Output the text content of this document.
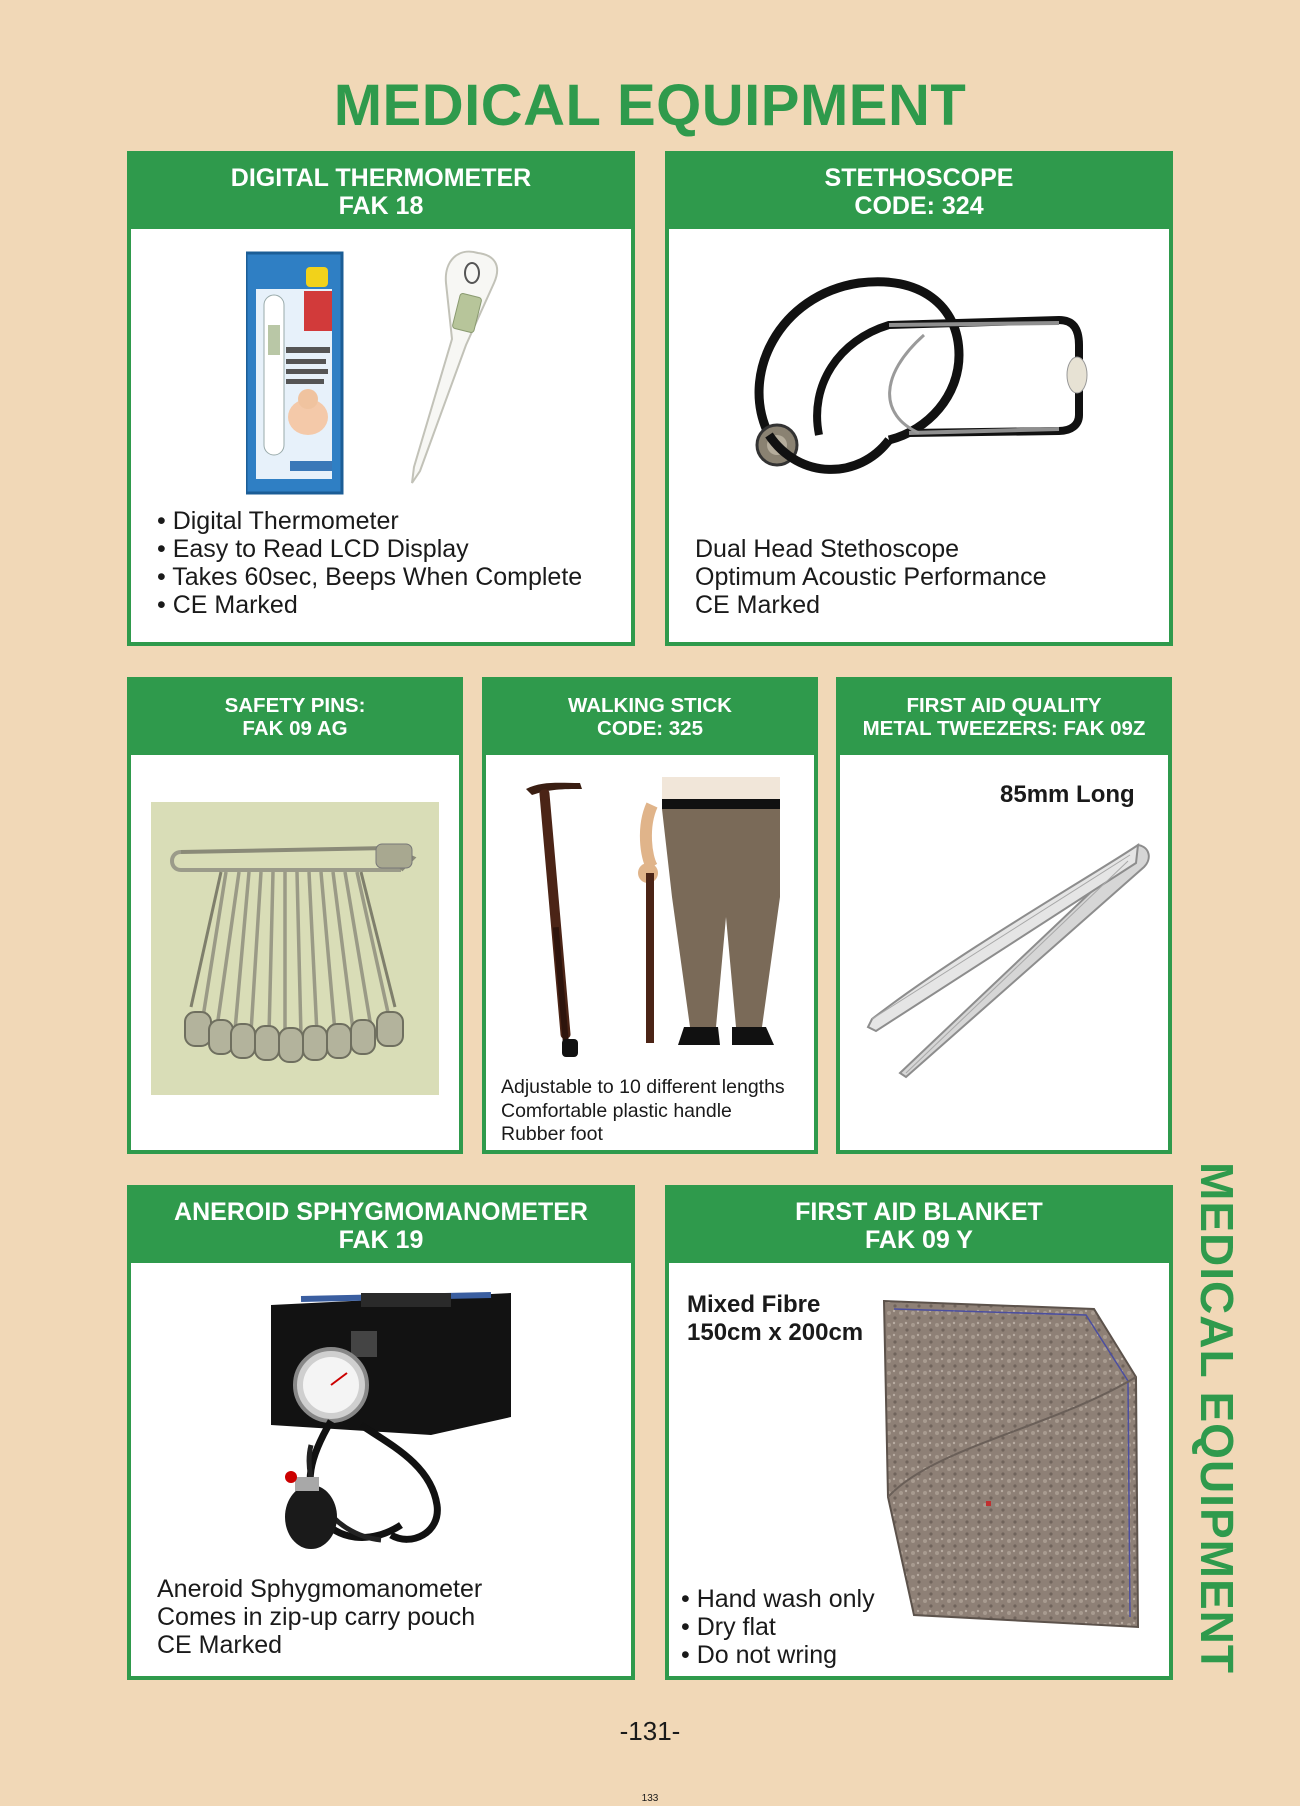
MEDICAL EQUIPMENT
MEDICAL EQUIPMENT
DIGITAL THERMOMETER
FAK 18
• Digital Thermometer
• Easy to Read LCD Display
• Takes 60sec, Beeps When Complete
• CE Marked
STETHOSCOPE
CODE: 324
Dual Head Stethoscope
Optimum Acoustic Performance
CE Marked
SAFETY PINS:
FAK 09 AG
WALKING STICK
CODE: 325
Adjustable to 10 different lengths
Comfortable plastic handle
Rubber foot
FIRST AID QUALITY
METAL TWEEZERS: FAK 09Z
85mm Long
ANEROID SPHYGMOMANOMETER
FAK 19
Aneroid Sphygmomanometer
Comes in zip-up carry pouch
CE Marked
FIRST AID BLANKET
FAK 09 Y
Mixed Fibre
150cm x 200cm
• Hand wash only
• Dry flat
• Do not wring
-131-
133
